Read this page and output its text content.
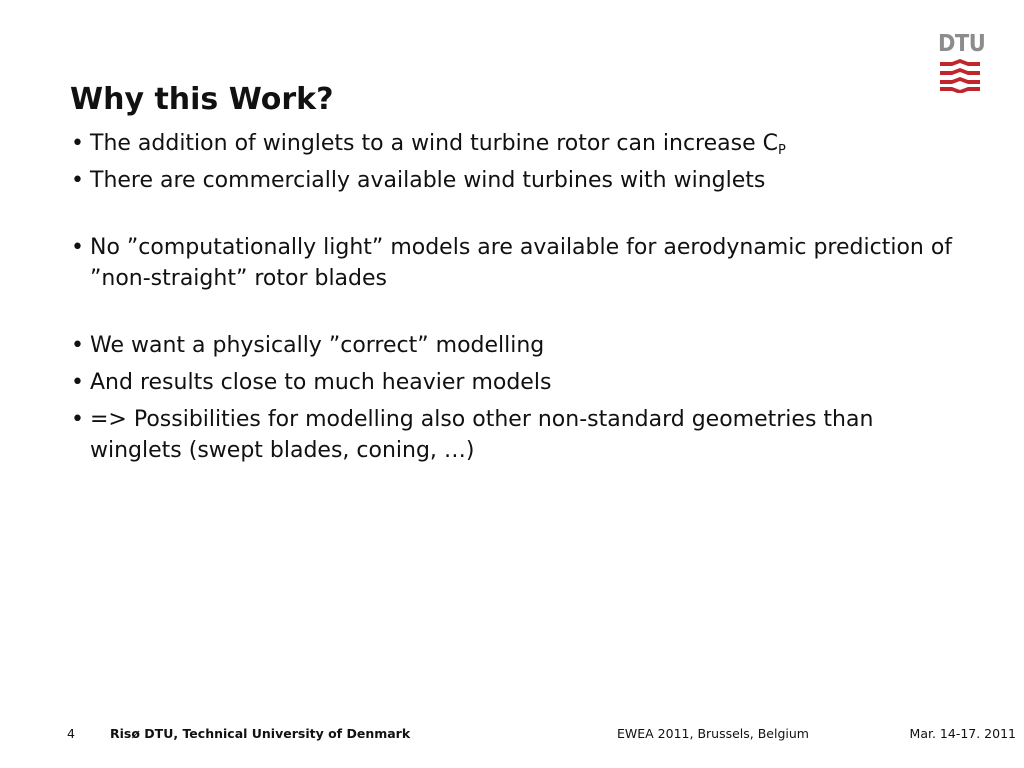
DTU
Why this Work?
• The addition of winglets to a wind turbine rotor can increase $C_P$
• There are commercially available wind turbines with winglets
• No ”computationally light” models are available for aerodynamic prediction of ”non-straight” rotor blades
• We want a physically ”correct” modelling
• And results close to much heavier models
• => Possibilities for modelling also other non-standard geometries than winglets (swept blades, coning, …)
4	Risø DTU, Technical University of Denmark	EWEA 2011, Brussels, Belgium	Mar. 14-17. 2011
